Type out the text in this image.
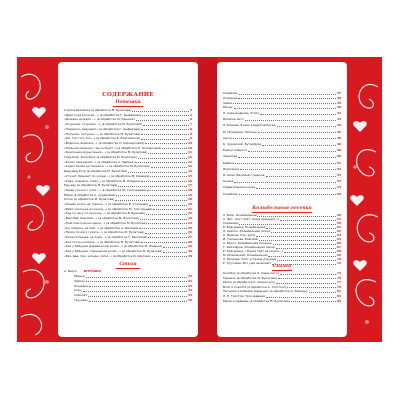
СОДЕРЖАНИЕ
Потешки
Сорока-белобока (в обработке М. Булатова)	4
«Идёт коза рогатая…» (в обработке Г. Цыферова)	4
«Дождик-дождик…» (в обработке М. Кашина)	6
«Огуречик, огуречик…» (в обработке М. Булатова)	7
«Ладушки, ладушки!» (в обработке Г. Цыферова)	8
«Петушок, петушок…» (в обработке М. Булатова)	9
«Ой, топ-топ, топ…» (в обработке Е. Благининой)	9
«Водичка, водичка…» (в обработке Н. Карнауховой)	10
«Пальчик-мальчик, где ты был?..» (в обработке Н. Колпаковой)	10
«Киисонька-мурысонька…» (в обработке М. Булатова)	11
Тили-бом! Тили-бом! (в обработке М. Булатова)	12
«Котик серенький…» (в обработке А. Зыбина)	12
«Сидит белка на тележке…» (в обработке М. Булатова)	13
Дедушка Егор (в обработке М. Булатова)	14
«Стучит, бренчит по улице…» (в обработке М. Кашина)	15
«Сова, совушка, сова!..» (в обработке М. Кашина)	16
Еду-еду (в обработке М. Булатова)	17
«Наши уточки с утра…» (в обработке Ю. Григорьева)	18
Маша (в обработке А. Худяковой)	19
Котик (в обработке М. Булатова)	19
«Пошёл котик на торжок…» (в обработке В. Стоянова)	20
«Идёт кисонька из кухни…» (в обработке Ю. Григорьева)	21
«Как по лесу по лесочку…» (в обработке В. Брехова)	22
«Баю-бай, баю-бай…» (в обработке М. Булатова)	23
«Пою-пою-пою-ночушки…» (в обработке М. Булатова)	24
«Ты собачка, не лай…» (в обработке А. Шипова)	25
«Пёсик по лесу гулять…» (в обработке М. Булатова)	26
«Киса-котенька, не ходи…» (в обработке Т. Бахтиной)	27
«Кот-коток-котенок…» (в обработке М. Булатова)	28
«Как у бабушки деревенской козёл…» (в обработке М. Кашина)	29
«Как у бабушки старенький козёл…» (в обработке М. Булатова)	30
«Раз, два, три, четыре, пять!..» (в обработке И. Шипова)	30
Стихи
А. Барто ИГРУШКИ
Мишка	32
Зайчик	32
Лошадка	33
Слон	34
Самолёт	34
Грузовик	36
Кораблик	37
Козлёнок	38
Зайка	39
Мячик	40
Э. Александрова. Утята	41
Весёлое лето	44
Я. Бжехва. Я весь раздетый бегаю	45
М. Пожарова. Пятачок	46
Аисты	48
К. Чуковский. Бутерброд	49
Ёжики смеются	50
Закаляка	50
Бебека	51
Поросёнок	52
Я. Аким. Весёлый стариков	53
Кошка	54
Удивительная кошка	54
Кораблик	55
Колыбельные песенки
А. Блок. Колыбельная	56
А. Фет. «Кот поёт, глаза прищуря…»	57
Серенада	59
Е. Благинина. Колыбельная	61
Л. Квитко. Колыбельная песня	62
А. Майков. Спи, дитя	64
И. Токмакова. Баю-бай	65
А. Барто. Колыбельная песенка	66
Т. Белозёров. Колыбельная песня	67
Е. Благинина. «Пчела поёт за окном…»	68
М. Исаковский. Колыбельная	69
З. Петрова. Спят усталые игрушки	70
Е. Трутнева. Вот уже засыпают	72
Сказки
Колобок (в обработке К. Ушинского)	73
Теремок (в обработке М. Булатова)	75
Репка (в обработке К. Ушинского)	77
Волк и козлята (в обработке А. Толстого)	79
Петушок и бобовое зёрнышко (в обработке О. Капицы)	81
Л. Н. Толстой. Три медведя	83
Маша и медведь (в обработке М. Булатова)	85
